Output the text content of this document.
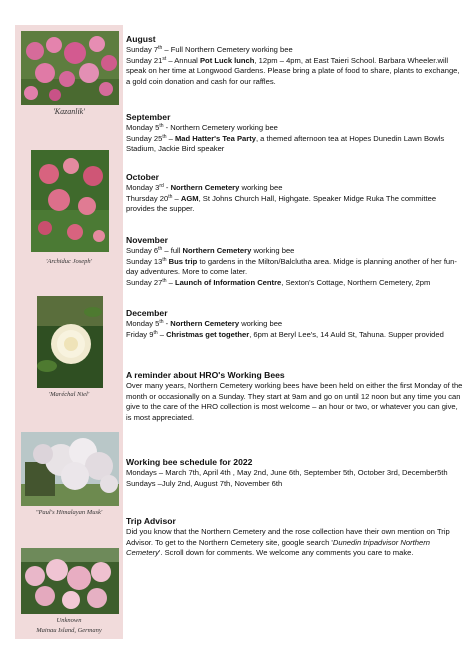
'Kazanlik'
'Archiduc Joseph'
'Maréchal Niel'
"Paul's Himalayan Musk'
Unknown
Mainau Island, Germany
August
Sunday 7th – Full Northern Cemetery working bee
Sunday 21st – Annual Pot Luck lunch, 12pm – 4pm, at East Taieri School. Barbara Wheeler.will speak on her time at Longwood Gardens. Please bring a plate of food to share, plants to exchange, a gold coin donation and cash for our raffles.
September
Monday 5th - Northern Cemetery working bee
Sunday 25th – Mad Hatter's Tea Party, a themed afternoon tea at Hopes Dunedin Lawn Bowls Stadium, Jackie Bird speaker
October
Monday 3rd - Northern Cemetery working bee
Thursday 20th – AGM, St Johns Church Hall, Highgate. Speaker Midge Ruka The committee provides the supper.
November
Sunday 6th – full Northern Cemetery working bee
Sunday 13th Bus trip to gardens in the Milton/Balclutha area. Midge is planning another of her fun-day adventures. More to come later.
Sunday 27th – Launch of Information Centre, Sexton's Cottage, Northern Cemetery, 2pm
December
Monday 5th - Northern Cemetery working bee
Friday 9th – Christmas get together, 6pm at Beryl Lee's, 14 Auld St, Tahuna. Supper provided
A reminder about HRO's Working Bees
Over many years, Northern Cemetery working bees have been held on either the first Monday of the month or occasionally on a Sunday. They start at 9am and go on until 12 noon but any time you can give to the care of the HRO collection is most welcome – an hour or two, or whatever you can give, is most appreciated.
Working bee schedule for 2022
Mondays – March 7th, April 4th , May 2nd, June 6th, September 5th, October 3rd, December5th
Sundays –July 2nd, August 7th, November 6th
Trip Advisor
Did you know that the Northern Cemetery and the rose collection have their own mention on Trip Advisor. To get to the Northern Cemetery site, google search 'Dunedin tripadvisor Northern Cemetery'. Scroll down for comments. We welcome any comments you care to make.
